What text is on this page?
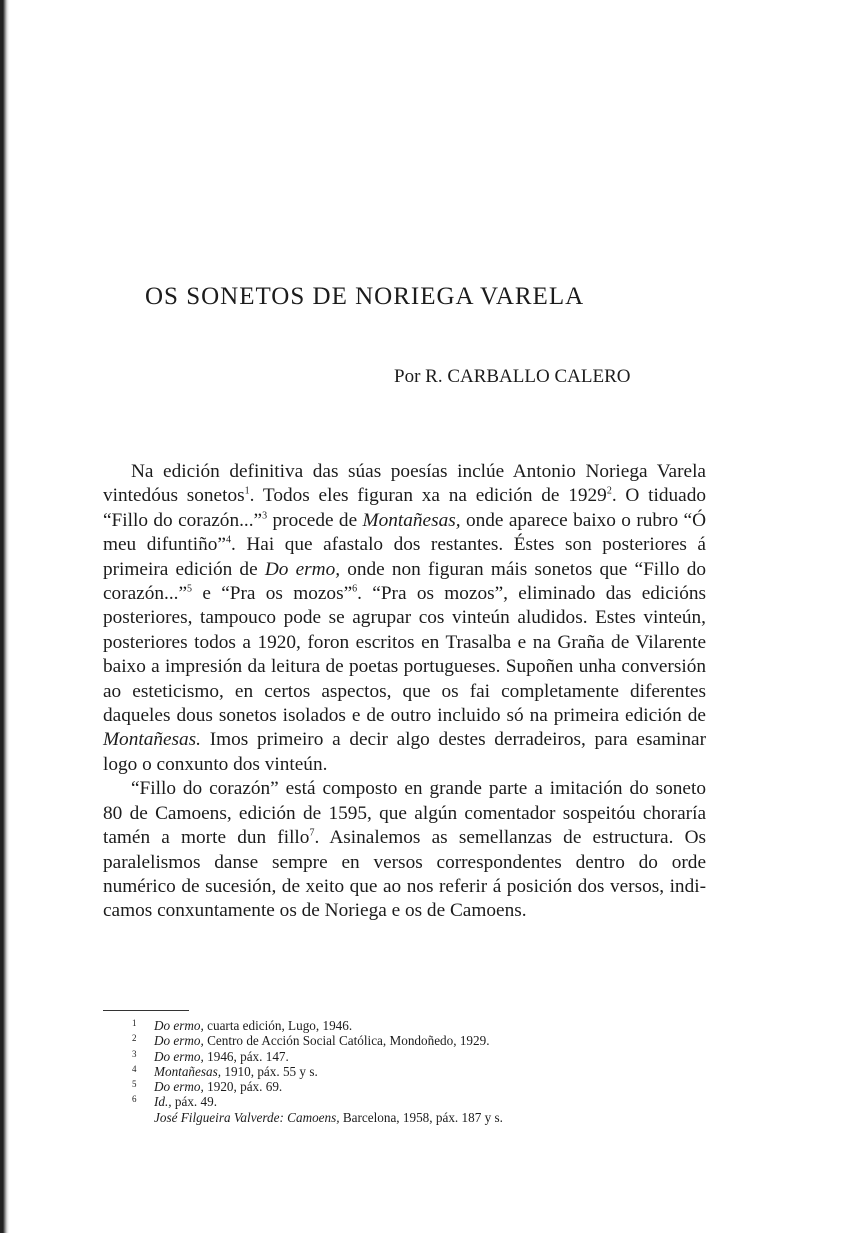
OS SONETOS DE NORIEGA VARELA
Por R. CARBALLO CALERO

Na edición definitiva das súas poesías inclúe Antonio Noriega Varela vintedóus sonetos$^1$. Todos eles figuran xa na edición de 1929$^2$. O tiduado “Fillo do corazón...”$^3$ procede de Montañesas, onde aparece baixo o rubro “Ó meu difuntiño”$^4$. Hai que afastalo dos restantes. Éstes son posteriores á primeira edición de Do ermo, onde non figuran máis sonetos que “Fillo do corazón...”$^5$ e “Pra os mozos”$^6$. “Pra os mozos”, eliminado das edicións posteriores, tampouco pode se agrupar cos vinteún aludidos. Estes vinteún, posteriores todos a 1920, foron escritos en Trasalba e na Graña de Vilarente baixo a impresión da leitura de poetas portugueses. Supoñen unha conversión ao esteticismo, en certos aspectos, que os fai completamente diferentes daqueles dous sonetos isolados e de outro incluido só na primeira edición de Montañesas. Imos primeiro a decir algo destes derradeiros, para esaminar logo o conxunto dos vinteún.

“Fillo do corazón” está composto en grande parte a imitación do soneto 80 de Camoens, edición de 1595, que algún comentador sospeitóu choraría tamén a morte dun fillo$^7$. Asinalemos as semellanzas de estructura. Os paralelismos danse sempre en versos correspondentes dentro do orde numérico de sucesión, de xeito que ao nos referir á posición dos versos, indicamos conxuntamente os de Noriega e os de Camoens.

1 Do ermo, cuarta edición, Lugo, 1946.
2 Do ermo, Centro de Acción Social Católica, Mondoñedo, 1929.
3 Do ermo, 1946, páx. 147.
4 Montañesas, 1910, páx. 55 y s.
5 Do ermo, 1920, páx. 69.
6 Id., páx. 49.
José Filgueira Valverde: Camoens, Barcelona, 1958, páx. 187 y s.
